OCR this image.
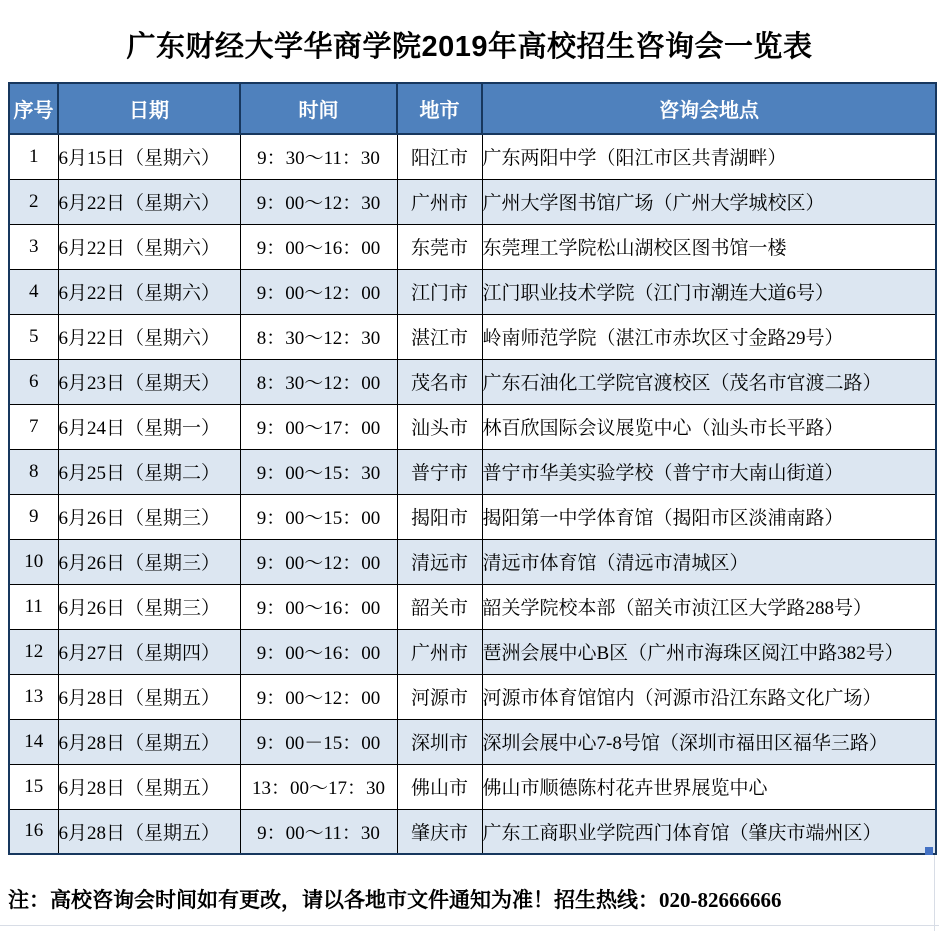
广东财经大学华商学院2019年高校招生咨询会一览表
序号	日期	时间	地市	咨询会地点
1	6月15日（星期六）	9：30～11：30	阳江市	广东两阳中学（阳江市区共青湖畔）
2	6月22日（星期六）	9：00～12：30	广州市	广州大学图书馆广场（广州大学城校区）
3	6月22日（星期六）	9：00～16：00	东莞市	东莞理工学院松山湖校区图书馆一楼
4	6月22日（星期六）	9：00～12：00	江门市	江门职业技术学院（江门市潮连大道6号）
5	6月22日（星期六）	8：30～12：30	湛江市	岭南师范学院（湛江市赤坎区寸金路29号）
6	6月23日（星期天）	8：30～12：00	茂名市	广东石油化工学院官渡校区（茂名市官渡二路）
7	6月24日（星期一）	9：00～17：00	汕头市	林百欣国际会议展览中心（汕头市长平路）
8	6月25日（星期二）	9：00～15：30	普宁市	普宁市华美实验学校（普宁市大南山街道）
9	6月26日（星期三）	9：00～15：00	揭阳市	揭阳第一中学体育馆（揭阳市区淡浦南路）
10	6月26日（星期三）	9：00～12：00	清远市	清远市体育馆（清远市清城区）
11	6月26日（星期三）	9：00～16：00	韶关市	韶关学院校本部（韶关市浈江区大学路288号）
12	6月27日（星期四）	9：00～16：00	广州市	琶洲会展中心B区（广州市海珠区阅江中路382号）
13	6月28日（星期五）	9：00～12：00	河源市	河源市体育馆馆内（河源市沿江东路文化广场）
14	6月28日（星期五）	9：00－15：00	深圳市	深圳会展中心7-8号馆（深圳市福田区福华三路）
15	6月28日（星期五）	13：00～17：30	佛山市	佛山市顺德陈村花卉世界展览中心
16	6月28日（星期五）	9：00～11：30	肇庆市	广东工商职业学院西门体育馆（肇庆市端州区）
注：高校咨询会时间如有更改，请以各地市文件通知为准！招生热线：020-82666666
